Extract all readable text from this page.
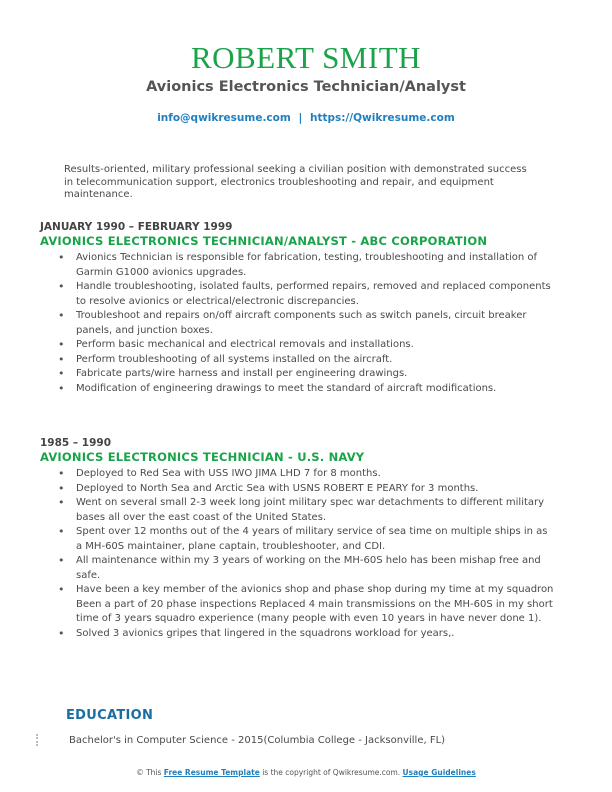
ROBERT SMITH
Avionics Electronics Technician/Analyst
info@qwikresume.com | https://Qwikresume.com
Results-oriented, military professional seeking a civilian position with demonstrated success in telecommunication support, electronics troubleshooting and repair, and equipment maintenance.
JANUARY 1990 – FEBRUARY 1999
AVIONICS ELECTRONICS TECHNICIAN/ANALYST - ABC CORPORATION
• Avionics Technician is responsible for fabrication, testing, troubleshooting and installation of Garmin G1000 avionics upgrades.
• Handle troubleshooting, isolated faults, performed repairs, removed and replaced components to resolve avionics or electrical/electronic discrepancies.
• Troubleshoot and repairs on/off aircraft components such as switch panels, circuit breaker panels, and junction boxes.
• Perform basic mechanical and electrical removals and installations.
• Perform troubleshooting of all systems installed on the aircraft.
• Fabricate parts/wire harness and install per engineering drawings.
• Modification of engineering drawings to meet the standard of aircraft modifications.
1985 – 1990
AVIONICS ELECTRONICS TECHNICIAN - U.S. NAVY
• Deployed to Red Sea with USS IWO JIMA LHD 7 for 8 months.
• Deployed to North Sea and Arctic Sea with USNS ROBERT E PEARY for 3 months.
• Went on several small 2-3 week long joint military spec war detachments to different military bases all over the east coast of the United States.
• Spent over 12 months out of the 4 years of military service of sea time on multiple ships in as a MH-60S maintainer, plane captain, troubleshooter, and CDI.
• All maintenance within my 3 years of working on the MH-60S helo has been mishap free and safe.
• Have been a key member of the avionics shop and phase shop during my time at my squadron Been a part of 20 phase inspections Replaced 4 main transmissions on the MH-60S in my short time of 3 years squadro experience (many people with even 10 years in have never done 1).
• Solved 3 avionics gripes that lingered in the squadrons workload for years,.
EDUCATION
Bachelor's in Computer Science - 2015(Columbia College - Jacksonville, FL)
© This Free Resume Template is the copyright of Qwikresume.com. Usage Guidelines
